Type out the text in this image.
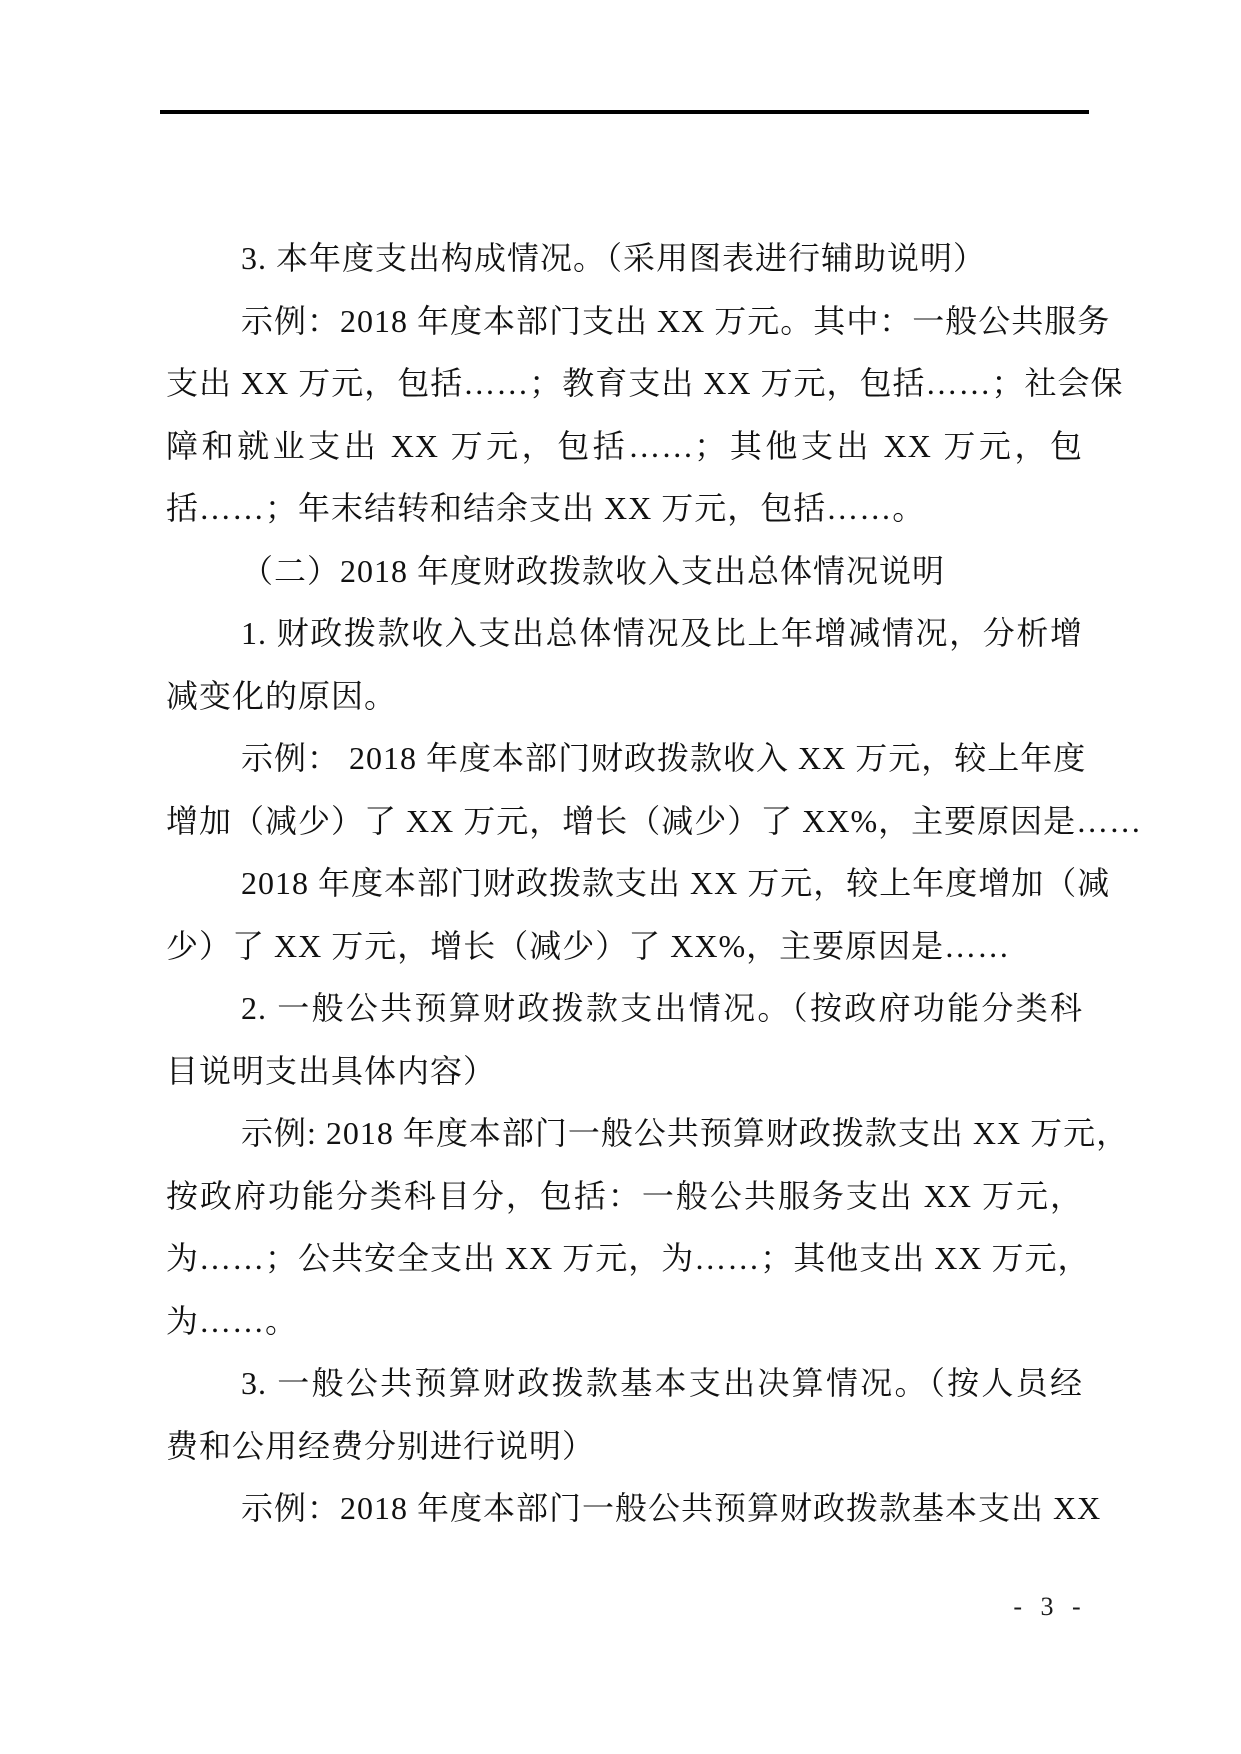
3. 本年度支出构成情况。（采用图表进行辅助说明）
示例：2018 年度本部门支出 XX 万元。其中：一般公共服务
支出 XX 万元，包括……；教育支出 XX 万元，包括……；社会保
障和就业支出 XX 万元，包括……；其他支出 XX 万元，包
括……；年末结转和结余支出 XX 万元，包括……。
（二）2018 年度财政拨款收入支出总体情况说明
1. 财政拨款收入支出总体情况及比上年增减情况，分析增
减变化的原因。
示例： 2018 年度本部门财政拨款收入 XX 万元，较上年度
增加（减少）了 XX 万元，增长（减少）了 XX%，主要原因是……
2018 年度本部门财政拨款支出 XX 万元，较上年度增加（减
少）了 XX 万元，增长（减少）了 XX%，主要原因是……
2. 一般公共预算财政拨款支出情况。（按政府功能分类科
目说明支出具体内容）
示例: 2018 年度本部门一般公共预算财政拨款支出 XX 万元，
按政府功能分类科目分，包括：一般公共服务支出 XX 万元，
为……；公共安全支出 XX 万元，为……；其他支出 XX 万元，
为……。
3. 一般公共预算财政拨款基本支出决算情况。（按人员经
费和公用经费分别进行说明）
示例：2018 年度本部门一般公共预算财政拨款基本支出 XX
- 3 -
